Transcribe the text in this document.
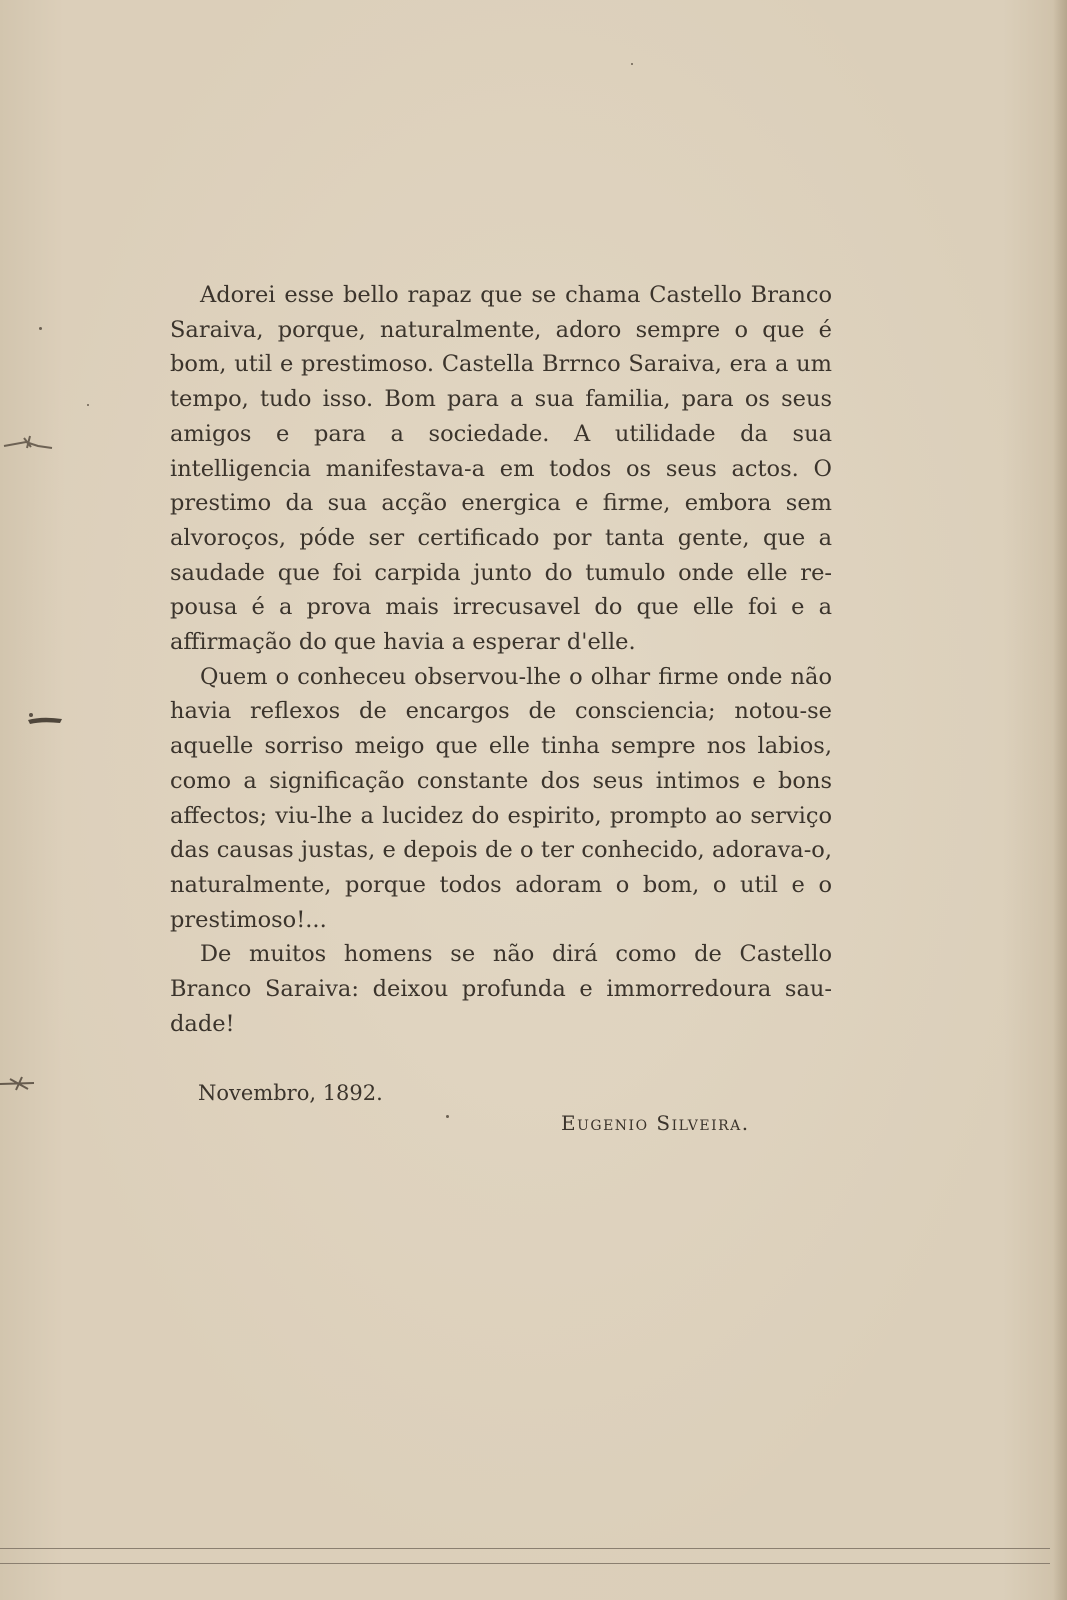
Adorei esse bello rapaz que se chama Castello Branco Saraiva, porque, naturalmente, adoro sempre o que é bom, util e prestimoso. Castella Brrnco Saraiva, era a um tempo, tudo isso. Bom para a sua familia, para os seus amigos e para a sociedade. A utilidade da sua intelligencia manifestava-a em todos os seus actos. O prestimo da sua acção energica e firme, embora sem alvoroços, póde ser certificado por tanta gente, que a saudade que foi carpida junto do tumulo onde elle repousa é a prova mais irrecusavel do que elle foi e a affirmação do que havia a esperar d'elle.

Quem o conheceu observou-lhe o olhar firme onde não havia reflexos de encargos de consciencia; notou-se aquelle sorriso meigo que elle tinha sempre nos labios, como a significação constante dos seus intimos e bons affectos; viu-lhe a lucidez do espirito, prompto ao serviço das causas justas, e depois de o ter conhecido, adorava-o, naturalmente, porque todos adoram o bom, o util e o prestimoso!...

De muitos homens se não dirá como de Castello Branco Saraiva: deixou profunda e immorredoura saudade!

Novembro, 1892.

Eugenio Silveira.
